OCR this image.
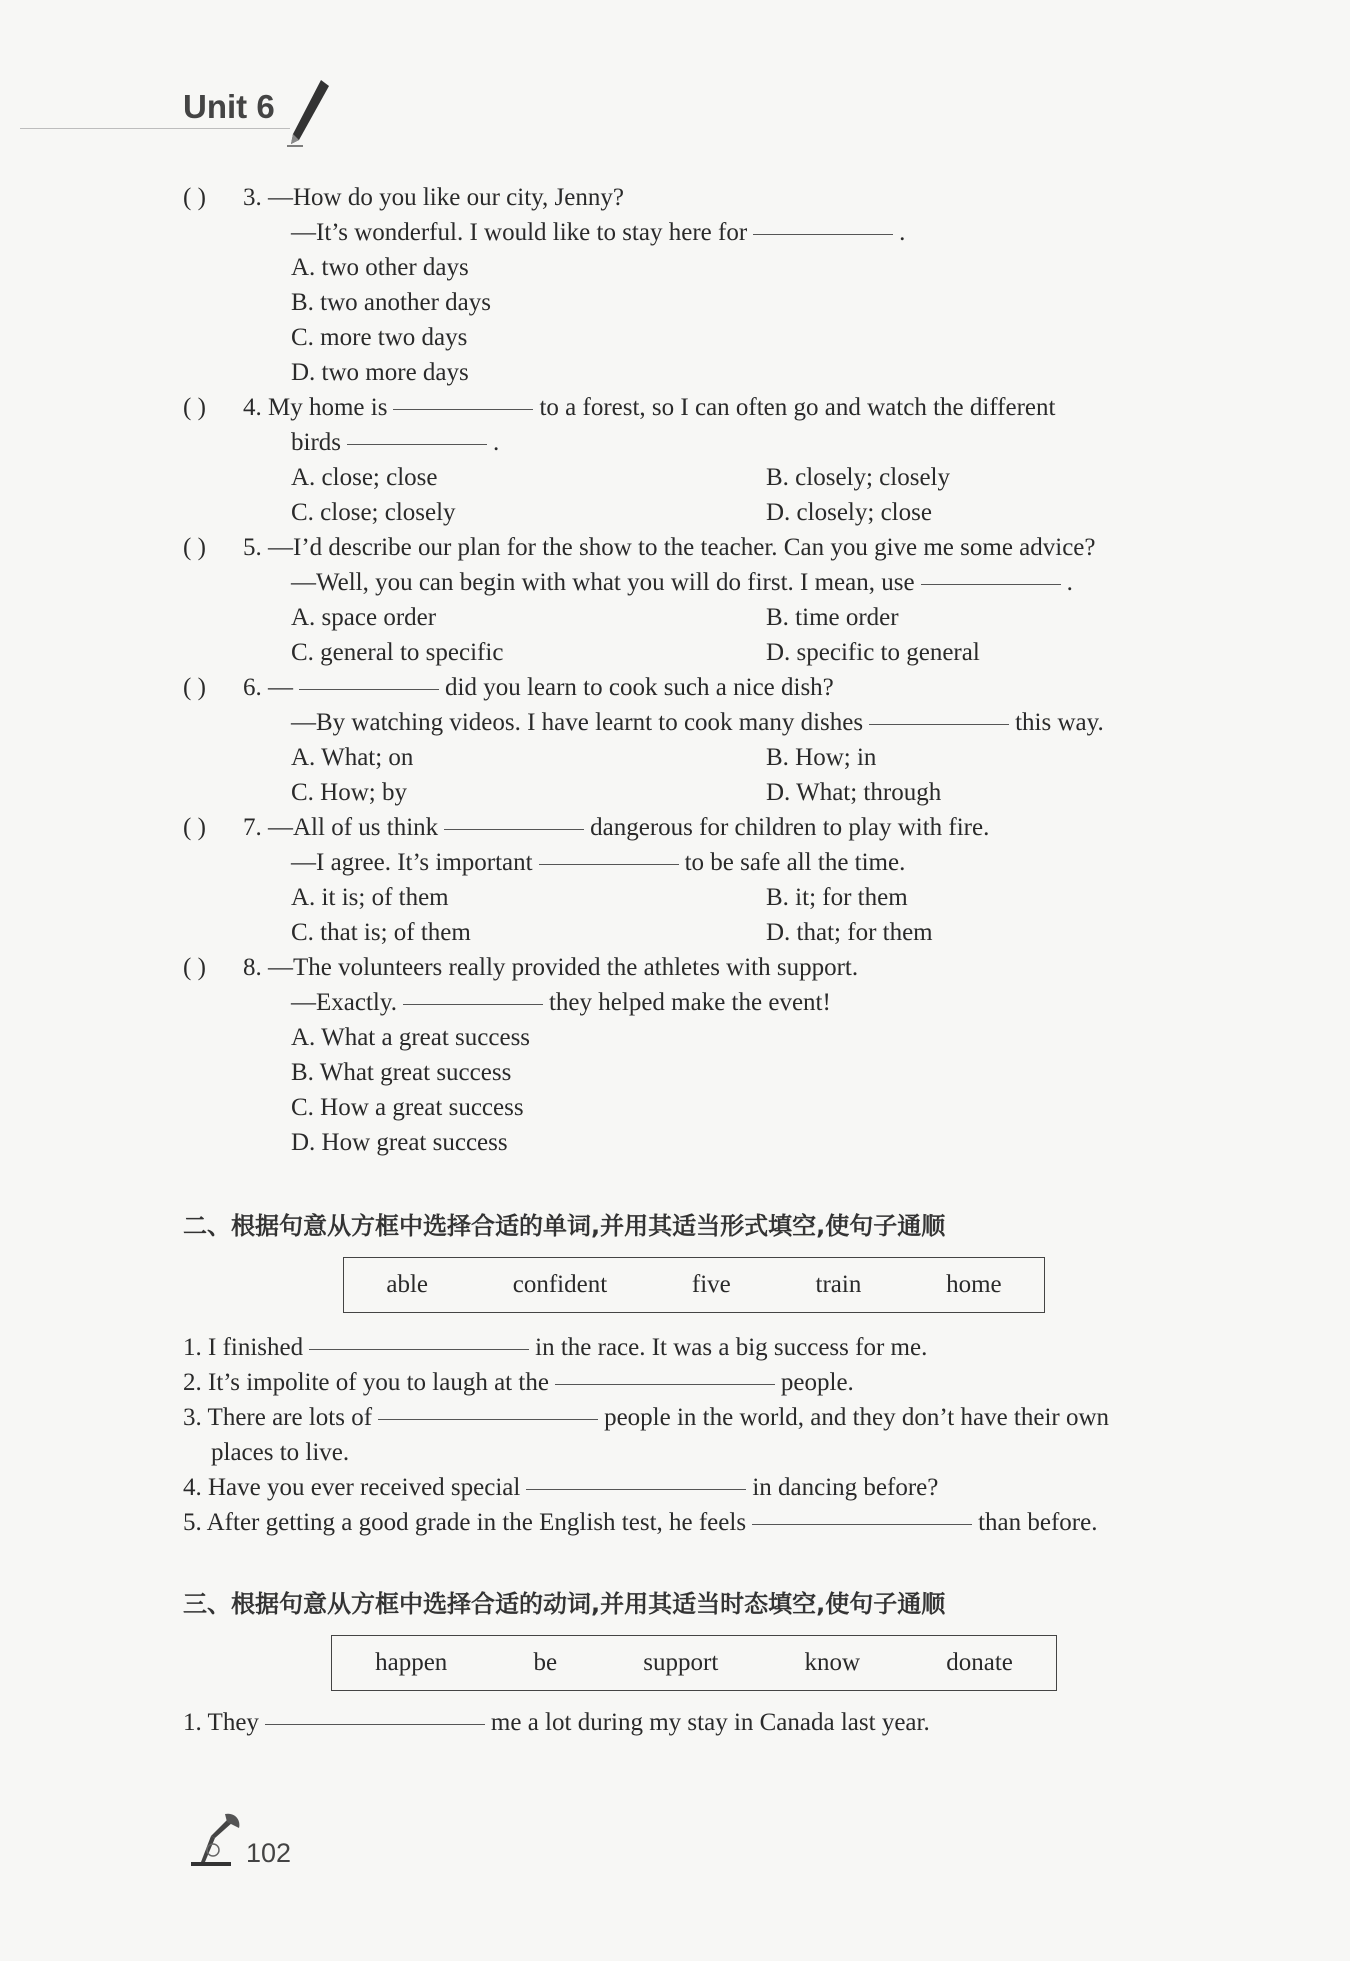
Unit 6
( ) 3. —How do you like our city, Jenny?
—It’s wonderful. I would like to stay here for	.
A. two other days
B. two another days
C. more two days
D. two more days
( ) 4. My home is	to a forest, so I can often go and watch the different
birds	.
A. close; close	B. closely; closely
C. close; closely	D. closely; close
( ) 5. —I’d describe our plan for the show to the teacher. Can you give me some advice?
—Well, you can begin with what you will do first. I mean, use	.
A. space order	B. time order
C. general to specific	D. specific to general
( ) 6. —	did you learn to cook such a nice dish?
—By watching videos. I have learnt to cook many dishes	this way.
A. What; on	B. How; in
C. How; by	D. What; through
( ) 7. —All of us think	dangerous for children to play with fire.
—I agree. It’s important	to be safe all the time.
A. it is; of them	B. it; for them
C. that is; of them	D. that; for them
( ) 8. —The volunteers really provided the athletes with support.
—Exactly.	they helped make the event!
A. What a great success
B. What great success
C. How a great success
D. How great success
二、根据句意从方框中选择合适的单词,并用其适当形式填空,使句子通顺
able	confident	five	train	home
1. I finished	in the race. It was a big success for me.
2. It’s impolite of you to laugh at the	people.
3. There are lots of	people in the world, and they don’t have their own
places to live.
4. Have you ever received special	in dancing before?
5. After getting a good grade in the English test, he feels	than before.
三、根据句意从方框中选择合适的动词,并用其适当时态填空,使句子通顺
happen	be	support	know	donate
1. They	me a lot during my stay in Canada last year.
102
